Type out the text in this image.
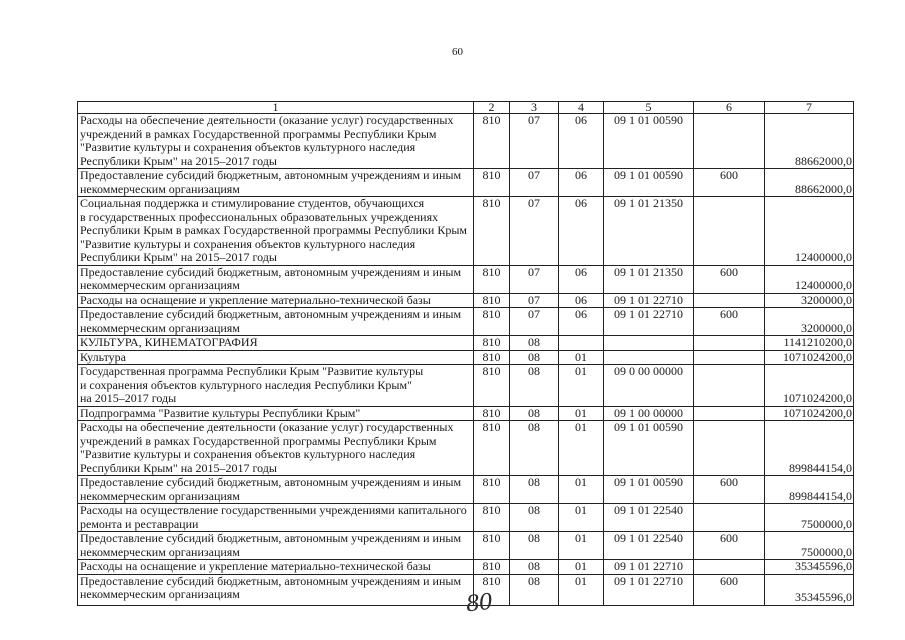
60
1	2	3	4	5	6	7

Расходы на обеспечение деятельности (оказание услуг) государственных
учреждений в рамках Государственной программы Республики Крым
"Развитие культуры и сохранения объектов культурного наследия
Республики Крым" на 2015–2017 годы	810	07	06	09 1 01 00590		88662000,0

Предоставление субсидий бюджетным, автономным учреждениям и иным
некоммерческим организациям	810	07	06	09 1 01 00590	600	88662000,0

Социальная поддержка и стимулирование студентов, обучающихся
в государственных профессиональных образовательных учреждениях
Республики Крым в рамках Государственной программы Республики Крым
"Развитие культуры и сохранения объектов культурного наследия
Республики Крым" на 2015–2017 годы	810	07	06	09 1 01 21350		12400000,0

Предоставление субсидий бюджетным, автономным учреждениям и иным
некоммерческим организациям	810	07	06	09 1 01 21350	600	12400000,0

Расходы на оснащение и укрепление материально-технической базы	810	07	06	09 1 01 22710		3200000,0

Предоставление субсидий бюджетным, автономным учреждениям и иным
некоммерческим организациям	810	07	06	09 1 01 22710	600	3200000,0

КУЛЬТУРА, КИНЕМАТОГРАФИЯ	810	08				1141210200,0

Культура	810	08	01			1071024200,0

Государственная программа Республики Крым "Развитие культуры
и сохранения объектов культурного наследия Республики Крым"
на 2015–2017 годы	810	08	01	09 0 00 00000		1071024200,0

Подпрограмма "Развитие культуры Республики Крым"	810	08	01	09 1 00 00000		1071024200,0

Расходы на обеспечение деятельности (оказание услуг) государственных
учреждений в рамках Государственной программы Республики Крым
"Развитие культуры и сохранения объектов культурного наследия
Республики Крым" на 2015–2017 годы	810	08	01	09 1 01 00590		899844154,0

Предоставление субсидий бюджетным, автономным учреждениям и иным
некоммерческим организациям	810	08	01	09 1 01 00590	600	899844154,0

Расходы на осуществление государственными учреждениями капитального
ремонта и реставрации	810	08	01	09 1 01 22540		7500000,0

Предоставление субсидий бюджетным, автономным учреждениям и иным
некоммерческим организациям	810	08	01	09 1 01 22540	600	7500000,0

Расходы на оснащение и укрепление материально-технической базы	810	08	01	09 1 01 22710		35345596,0

Предоставление субсидий бюджетным, автономным учреждениям и иным
некоммерческим организациям	810	08	01	09 1 01 22710	600	35345596,0
80
